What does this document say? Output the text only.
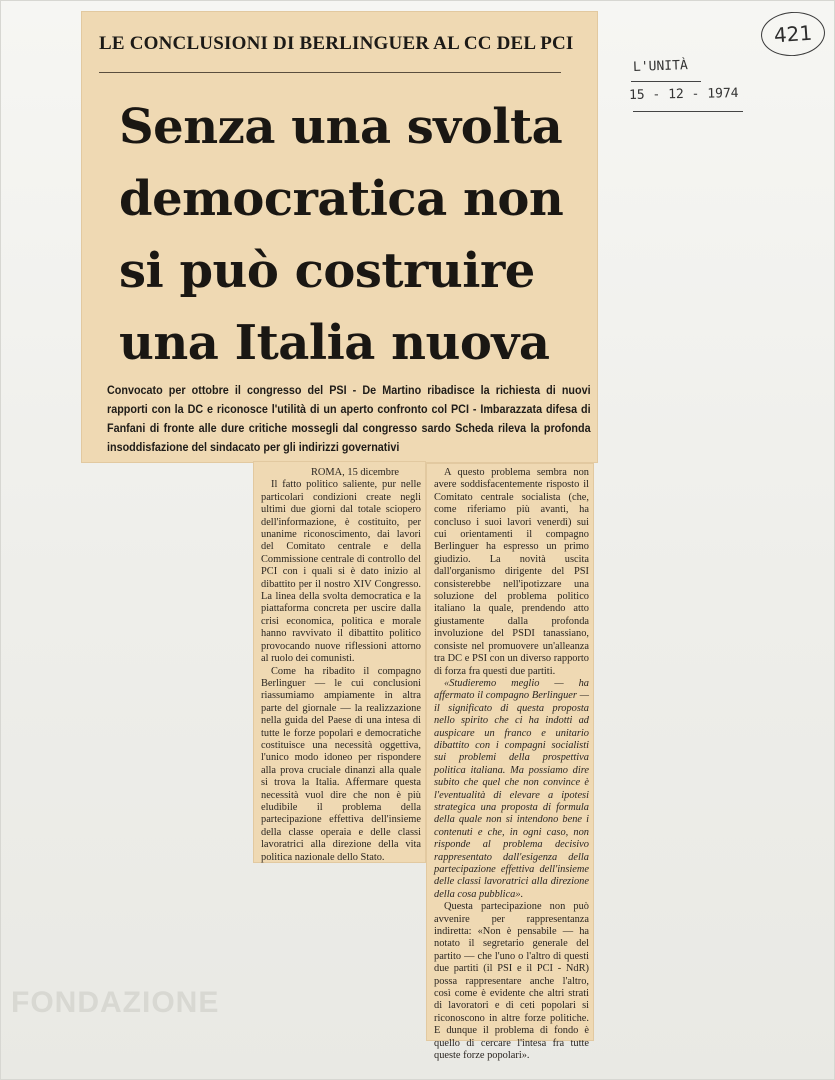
421
L'UNITÀ
15 - 12 - 1974
LE CONCLUSIONI DI BERLINGUER AL CC DEL PCI
Senza una svolta
democratica non
si può costruire
una Italia nuova
Convocato per ottobre il congresso del PSI - De Martino ribadisce la richiesta di nuovi rapporti con la DC e riconosce l'utilità di un aperto confronto col PCI - Imbarazzata difesa di Fanfani di fronte alle dure critiche mossegli dal congresso sardo Scheda rileva la profonda insoddisfazione del sindacato per gli indirizzi governativi

ROMA, 15 dicembre

Il fatto politico saliente, pur nelle particolari condizioni create negli ultimi due giorni dal totale sciopero dell'informazione, è costituito, per unanime riconoscimento, dai lavori del Comitato centrale e della Commissione centrale di controllo del PCI con i quali si è dato inizio al dibattito per il nostro XIV Congresso. La linea della svolta democratica e la piattaforma concreta per uscire dalla crisi economica, politica e morale hanno ravvivato il dibattito politico provocando nuove riflessioni attorno al ruolo dei comunisti.

Come ha ribadito il compagno Berlinguer — le cui conclusioni riassumiamo ampiamente in altra parte del giornale — la realizzazione nella guida del Paese di una intesa di tutte le forze popolari e democratiche costituisce una necessità oggettiva, l'unico modo idoneo per rispondere alla prova cruciale dinanzi alla quale si trova la Italia. Affermare questa necessità vuol dire che non è più eludibile il problema della partecipazione effettiva dell'insieme della classe operaia e delle classi lavoratrici alla direzione della vita politica nazionale dello Stato.

A questo problema sembra non avere soddisfacentemente risposto il Comitato centrale socialista (che, come riferiamo più avanti, ha concluso i suoi lavori venerdì) sui cui orientamenti il compagno Berlinguer ha espresso un primo giudizio. La novità uscita dall'organismo dirigente del PSI consisterebbe nell'ipotizzare una soluzione del problema politico italiano la quale, prendendo atto giustamente dalla profonda involuzione del PSDI tanassiano, consiste nel promuovere un'alleanza tra DC e PSI con un diverso rapporto di forza fra questi due partiti.

«Studieremo meglio — ha affermato il compagno Berlinguer — il significato di questa proposta nello spirito che ci ha indotti ad auspicare un franco e unitario dibattito con i compagni socialisti sui problemi della prospettiva politica italiana. Ma possiamo dire subito che quel che non convince è l'eventualità di elevare a ipotesi strategica una proposta di formula della quale non si intendono bene i contenuti e che, in ogni caso, non risponde al problema decisivo rappresentato dall'esigenza della partecipazione effettiva dell'insieme delle classi lavoratrici alla direzione della cosa pubblica».

Questa partecipazione non può avvenire per rappresentanza indiretta: «Non è pensabile — ha notato il segretario generale del partito — che l'uno o l'altro di questi due partiti (il PSI e il PCI - NdR) possa rappresentare anche l'altro, così come è evidente che altri strati di lavoratori e di ceti popolari si riconoscono in altre forze politiche. E dunque il problema di fondo è quello di cercare l'intesa fra tutte queste forze popolari».

FONDAZIONE
